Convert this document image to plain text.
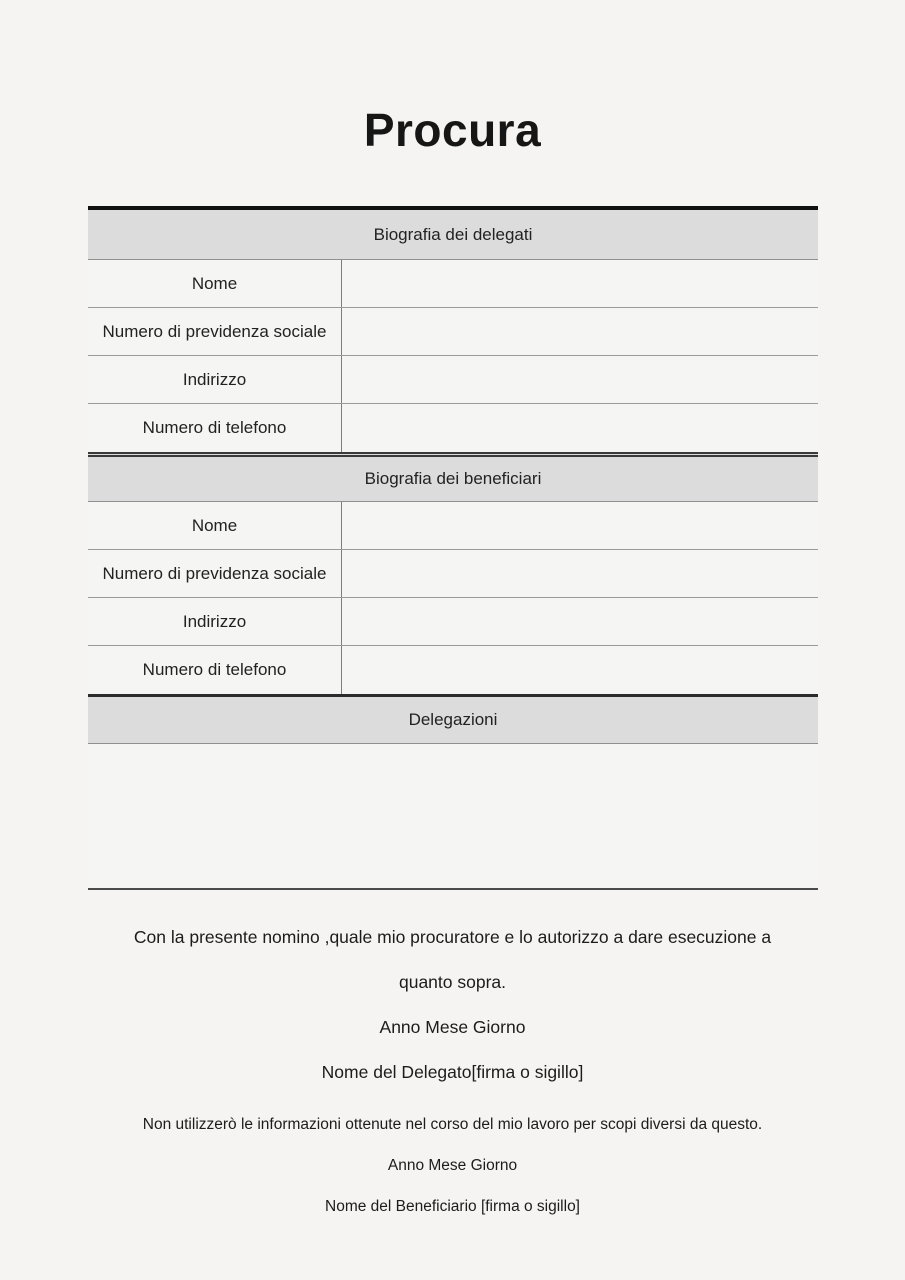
Procura
Biografia dei delegati
Nome
Numero di previdenza sociale
Indirizzo
Numero di telefono
Biografia dei beneficiari
Nome
Numero di previdenza sociale
Indirizzo
Numero di telefono
Delegazioni
Con la presente nomino ,quale mio procuratore e lo autorizzo a dare esecuzione a
quanto sopra.
Anno Mese Giorno
Nome del Delegato[firma o sigillo]
Non utilizzerò le informazioni ottenute nel corso del mio lavoro per scopi diversi da questo.
Anno Mese Giorno
Nome del Beneficiario [firma o sigillo]
